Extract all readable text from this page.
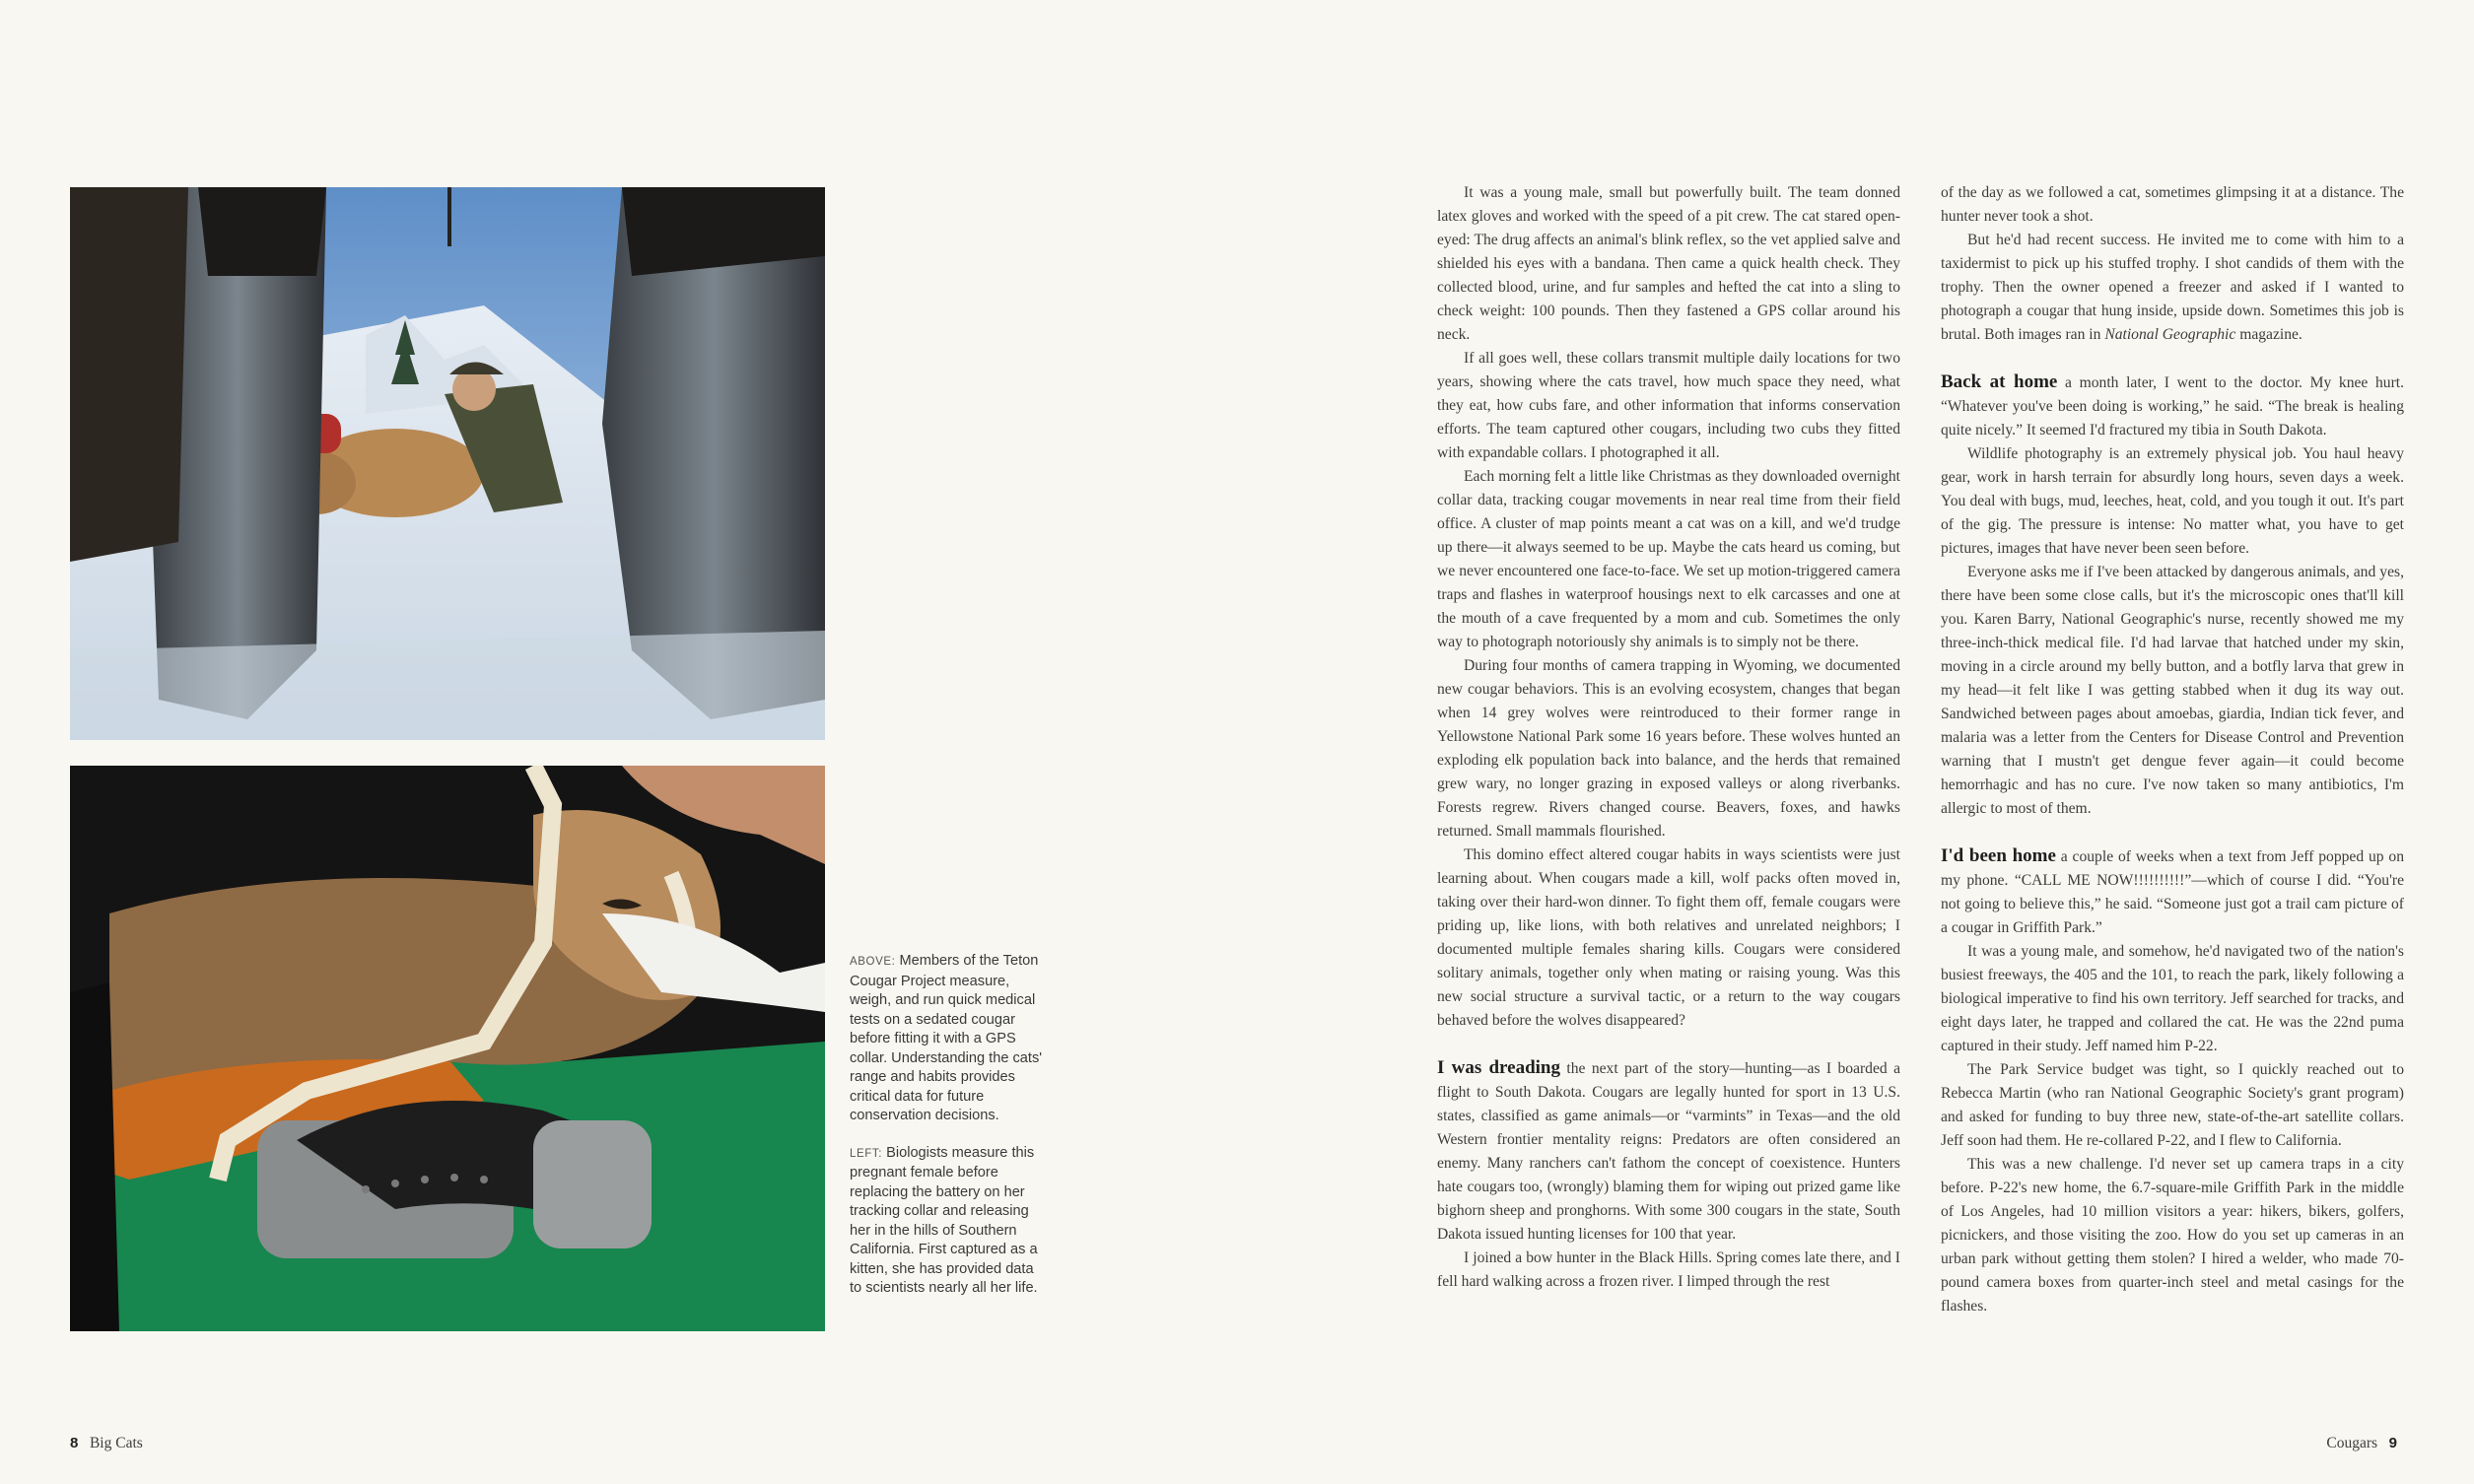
ABOVE: Members of the Teton Cougar Project measure, weigh, and run quick medical tests on a sedated cougar before fitting it with a GPS collar. Understanding the cats' range and habits provides critical data for future conservation decisions.

LEFT: Biologists measure this pregnant female before replacing the battery on her tracking collar and releasing her in the hills of Southern California. First captured as a kitten, she has provided data to scientists nearly all her life.

It was a young male, small but powerfully built. The team donned latex gloves and worked with the speed of a pit crew. The cat stared open-eyed: The drug affects an animal's blink reflex, so the vet applied salve and shielded his eyes with a bandana. Then came a quick health check. They collected blood, urine, and fur samples and hefted the cat into a sling to check weight: 100 pounds. Then they fastened a GPS collar around his neck.

If all goes well, these collars transmit multiple daily locations for two years, showing where the cats travel, how much space they need, what they eat, how cubs fare, and other information that informs conservation efforts. The team captured other cougars, including two cubs they fitted with expandable collars. I photographed it all.

Each morning felt a little like Christmas as they downloaded overnight collar data, tracking cougar movements in near real time from their field office. A cluster of map points meant a cat was on a kill, and we'd trudge up there—it always seemed to be up. Maybe the cats heard us coming, but we never encountered one face-to-face. We set up motion-triggered camera traps and flashes in waterproof housings next to elk carcasses and one at the mouth of a cave frequented by a mom and cub. Sometimes the only way to photograph notoriously shy animals is to simply not be there.

During four months of camera trapping in Wyoming, we documented new cougar behaviors. This is an evolving ecosystem, changes that began when 14 grey wolves were reintroduced to their former range in Yellowstone National Park some 16 years before. These wolves hunted an exploding elk population back into balance, and the herds that remained grew wary, no longer grazing in exposed valleys or along riverbanks. Forests regrew. Rivers changed course. Beavers, foxes, and hawks returned. Small mammals flourished.

This domino effect altered cougar habits in ways scientists were just learning about. When cougars made a kill, wolf packs often moved in, taking over their hard-won dinner. To fight them off, female cougars were priding up, like lions, with both relatives and unrelated neighbors; I documented multiple females sharing kills. Cougars were considered solitary animals, together only when mating or raising young. Was this new social structure a survival tactic, or a return to the way cougars behaved before the wolves disappeared?

I was dreading the next part of the story—hunting—as I boarded a flight to South Dakota. Cougars are legally hunted for sport in 13 U.S. states, classified as game animals—or “varmints” in Texas—and the old Western frontier mentality reigns: Predators are often considered an enemy. Many ranchers can't fathom the concept of coexistence. Hunters hate cougars too, (wrongly) blaming them for wiping out prized game like bighorn sheep and pronghorns. With some 300 cougars in the state, South Dakota issued hunting licenses for 100 that year.

I joined a bow hunter in the Black Hills. Spring comes late there, and I fell hard walking across a frozen river. I limped through the rest

of the day as we followed a cat, sometimes glimpsing it at a distance. The hunter never took a shot.

But he'd had recent success. He invited me to come with him to a taxidermist to pick up his stuffed trophy. I shot candids of them with the trophy. Then the owner opened a freezer and asked if I wanted to photograph a cougar that hung inside, upside down. Sometimes this job is brutal. Both images ran in National Geographic magazine.

Back at home a month later, I went to the doctor. My knee hurt. “Whatever you've been doing is working,” he said. “The break is healing quite nicely.” It seemed I'd fractured my tibia in South Dakota.

Wildlife photography is an extremely physical job. You haul heavy gear, work in harsh terrain for absurdly long hours, seven days a week. You deal with bugs, mud, leeches, heat, cold, and you tough it out. It's part of the gig. The pressure is intense: No matter what, you have to get pictures, images that have never been seen before.

Everyone asks me if I've been attacked by dangerous animals, and yes, there have been some close calls, but it's the microscopic ones that'll kill you. Karen Barry, National Geographic's nurse, recently showed me my three-inch-thick medical file. I'd had larvae that hatched under my skin, moving in a circle around my belly button, and a botfly larva that grew in my head—it felt like I was getting stabbed when it dug its way out. Sandwiched between pages about amoebas, giardia, Indian tick fever, and malaria was a letter from the Centers for Disease Control and Prevention warning that I mustn't get dengue fever again—it could become hemorrhagic and has no cure. I've now taken so many antibiotics, I'm allergic to most of them.

I'd been home a couple of weeks when a text from Jeff popped up on my phone. “CALL ME NOW!!!!!!!!!!”—which of course I did. “You're not going to believe this,” he said. “Someone just got a trail cam picture of a cougar in Griffith Park.”

It was a young male, and somehow, he'd navigated two of the nation's busiest freeways, the 405 and the 101, to reach the park, likely following a biological imperative to find his own territory. Jeff searched for tracks, and eight days later, he trapped and collared the cat. He was the 22nd puma captured in their study. Jeff named him P-22.

The Park Service budget was tight, so I quickly reached out to Rebecca Martin (who ran National Geographic Society's grant program) and asked for funding to buy three new, state-of-the-art satellite collars. Jeff soon had them. He re-collared P-22, and I flew to California.

This was a new challenge. I'd never set up camera traps in a city before. P-22's new home, the 6.7-square-mile Griffith Park in the middle of Los Angeles, had 10 million visitors a year: hikers, bikers, golfers, picnickers, and those visiting the zoo. How do you set up cameras in an urban park without getting them stolen? I hired a welder, who made 70-pound camera boxes from quarter-inch steel and metal casings for the flashes.

8 Big Cats	Cougars 9
